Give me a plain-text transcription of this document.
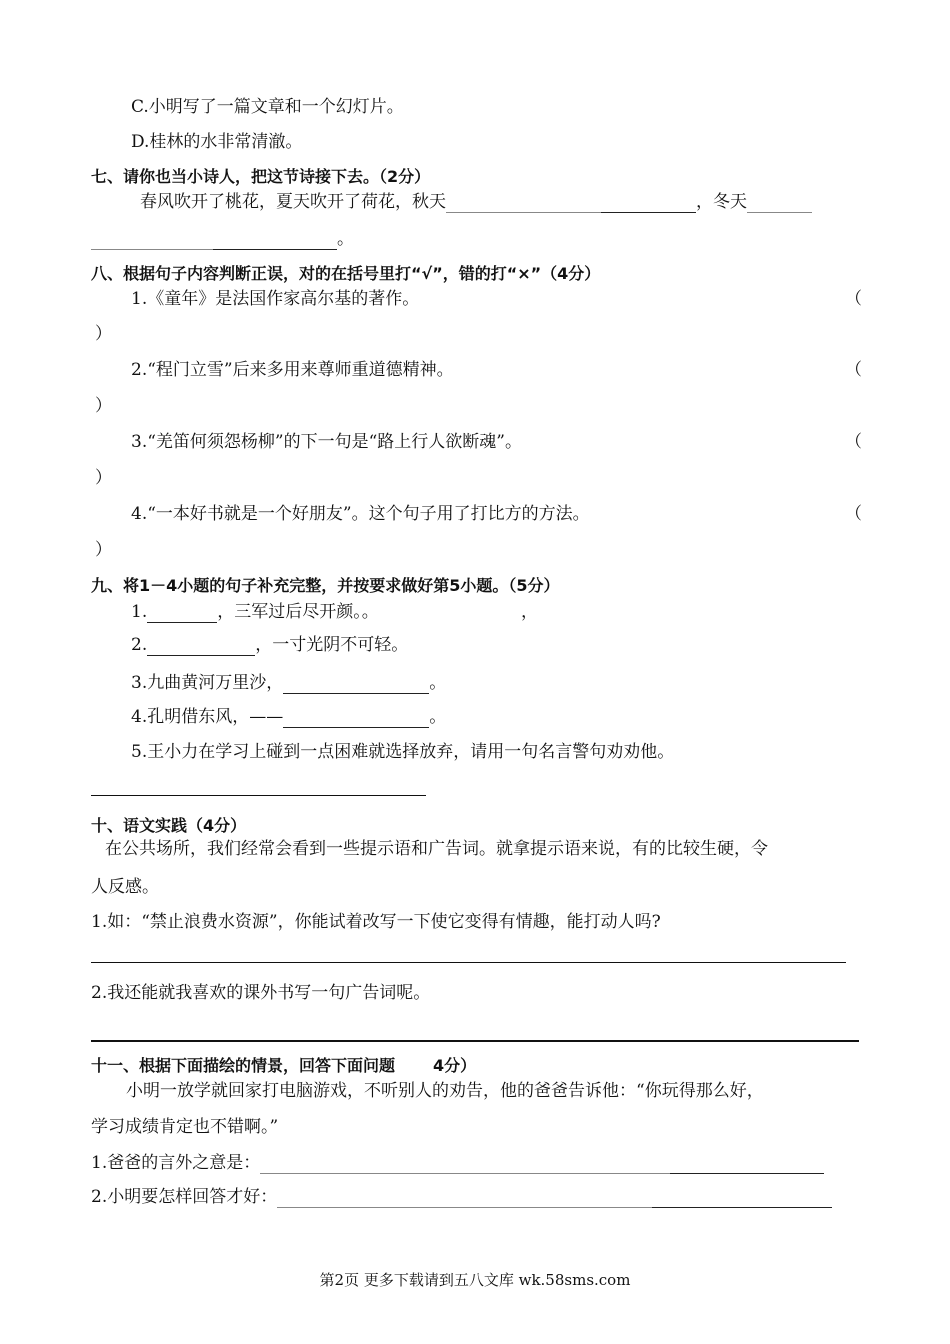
C.小明写了一篇文章和一个幻灯片。
D.桂林的水非常清澈。
七、请你也当小诗人，把这节诗接下去。（2分）
春风吹开了桃花，夏天吹开了荷花，秋天	，冬天
。
八、根据句子内容判断正误，对的在括号里打“√”，错的打“×”（4分）
1.《童年》是法国作家高尔基的著作。	（
）
2.“程门立雪”后来多用来尊师重道德精神。	（
）
3.“羌笛何须怨杨柳”的下一句是“路上行人欲断魂”。	（
）
4.“一本好书就是一个好朋友”。这个句子用了打比方的方法。	（
）
九、将1－4小题的句子补充完整，并按要求做好第5小题。（5分）
1.	，三军过后尽开颜。。	，
2.	，一寸光阴不可轻。
3.九曲黄河万里沙，	。
4.孔明借东风，——	。
5.王小力在学习上碰到一点困难就选择放弃，请用一句名言警句劝劝他。
十、语文实践（4分）
在公共场所，我们经常会看到一些提示语和广告词。就拿提示语来说，有的比较生硬，令
人反感。
1.如：“禁止浪费水资源”，你能试着改写一下使它变得有情趣，能打动人吗?
2.我还能就我喜欢的课外书写一句广告词呢。
十一、根据下面描绘的情景，回答下面问题 4分）
小明一放学就回家打电脑游戏，不听别人的劝告，他的爸爸告诉他：“你玩得那么好，
学习成绩肯定也不错啊。”
1.爸爸的言外之意是：
2.小明要怎样回答才好：
第2页 更多下载请到五八文库 wk.58sms.com
